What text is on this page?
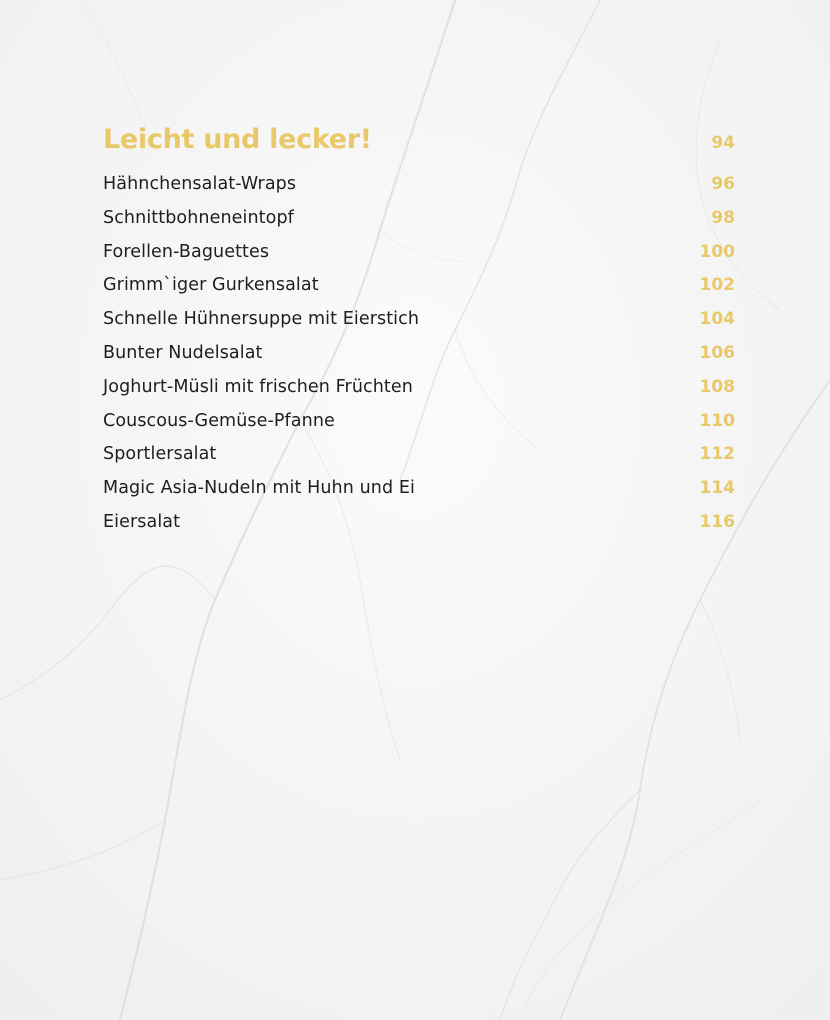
Leicht und lecker!	94
Hähnchensalat-Wraps	96
Schnittbohneneintopf	98
Forellen-Baguettes	100
Grimm`iger Gurkensalat	102
Schnelle Hühnersuppe mit Eierstich	104
Bunter Nudelsalat	106
Joghurt-Müsli mit frischen Früchten	108
Couscous-Gemüse-Pfanne	110
Sportlersalat	112
Magic Asia-Nudeln mit Huhn und Ei	114
Eiersalat	116
